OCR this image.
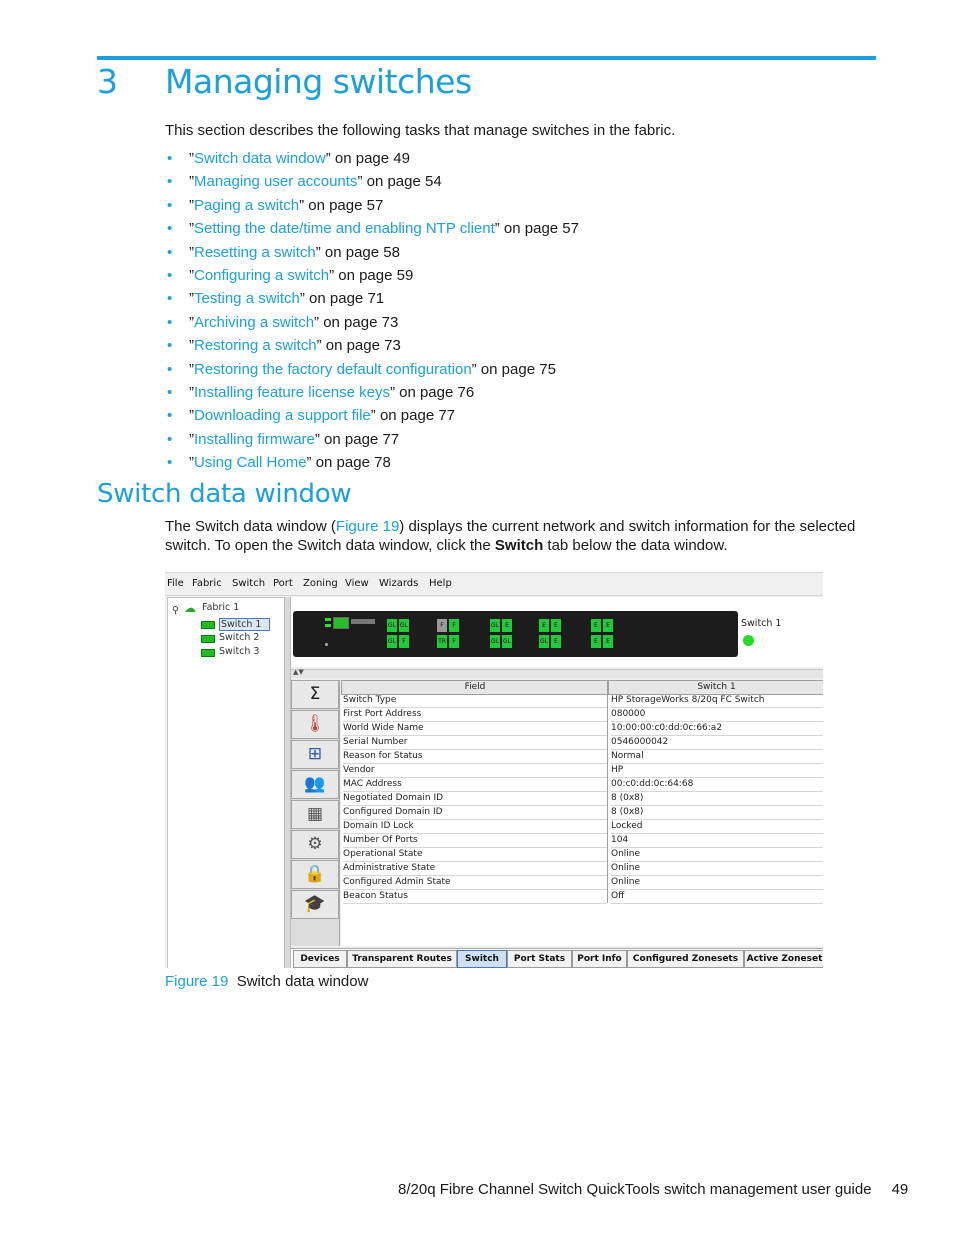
3 Managing switches
This section describes the following tasks that manage switches in the fabric.
• ”Switch data window” on page 49
• ”Managing user accounts” on page 54
• ”Paging a switch” on page 57
• ”Setting the date/time and enabling NTP client” on page 57
• ”Resetting a switch” on page 58
• ”Configuring a switch” on page 59
• ”Testing a switch” on page 71
• ”Archiving a switch” on page 73
• ”Restoring a switch” on page 73
• ”Restoring the factory default configuration” on page 75
• ”Installing feature license keys” on page 76
• ”Downloading a support file” on page 77
• ”Installing firmware” on page 77
• ”Using Call Home” on page 78
Switch data window
The Switch data window (Figure 19) displays the current network and switch information for the selected switch. To open the Switch data window, click the Switch tab below the data window.
File Fabric Switch Port Zoning View Wizards Help
⚲ ☁ Fabric 1
Switch 1
Switch 2
Switch 3
GL
GL
GL
F
F
TR
F
F
GL
GL
E
GL
E
GL
E
E
E
E
E
E
Switch 1
▲▼
Σ
🌡
⊞
👥
▦
⚙
🔒
🎓
Field	Switch 1
Switch Type	HP StorageWorks 8/20q FC Switch
First Port Address	080000
World Wide Name	10:00:00:c0:dd:0c:66:a2
Serial Number	0546000042
Reason for Status	Normal
Vendor	HP
MAC Address	00:c0:dd:0c:64:68
Negotiated Domain ID	8 (0x8)
Configured Domain ID	8 (0x8)
Domain ID Lock	Locked
Number Of Ports	104
Operational State	Online
Administrative State	Online
Configured Admin State	Online
Beacon Status	Off
Devices	Transparent Routes	Switch	Port Stats	Port Info	Configured Zonesets Active Zoneset
Figure 19 Switch data window
8/20q Fibre Channel Switch QuickTools switch management user guide 49
